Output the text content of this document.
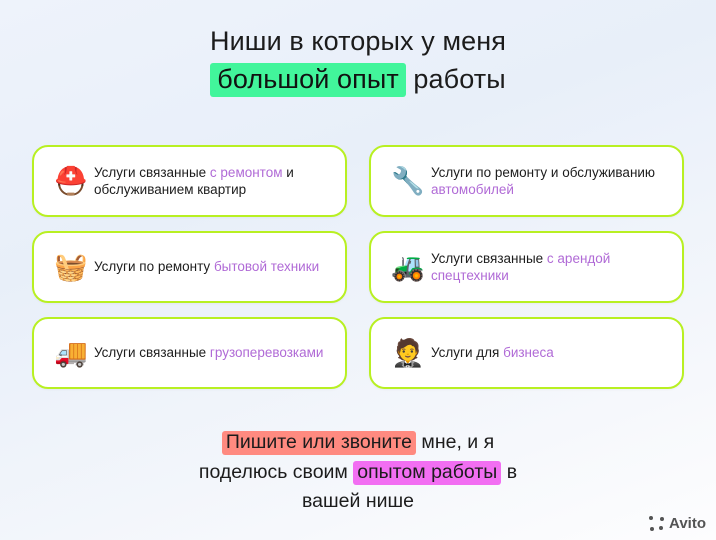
Ниши в которых у меня
большой опыт работы
⛑️ Услуги связанные с ремонтом и обслуживанием квартир	🔧 Услуги по ремонту и обслуживанию автомобилей
🧺 Услуги по ремонту бытовой техники	🚜 Услуги связанные с арендой спецтехники
🚚 Услуги связанные грузоперевозками	🤵 Услуги для бизнеса
Пишите или звоните мне, и я
поделюсь своим опытом работы в
вашей нише
Avito
